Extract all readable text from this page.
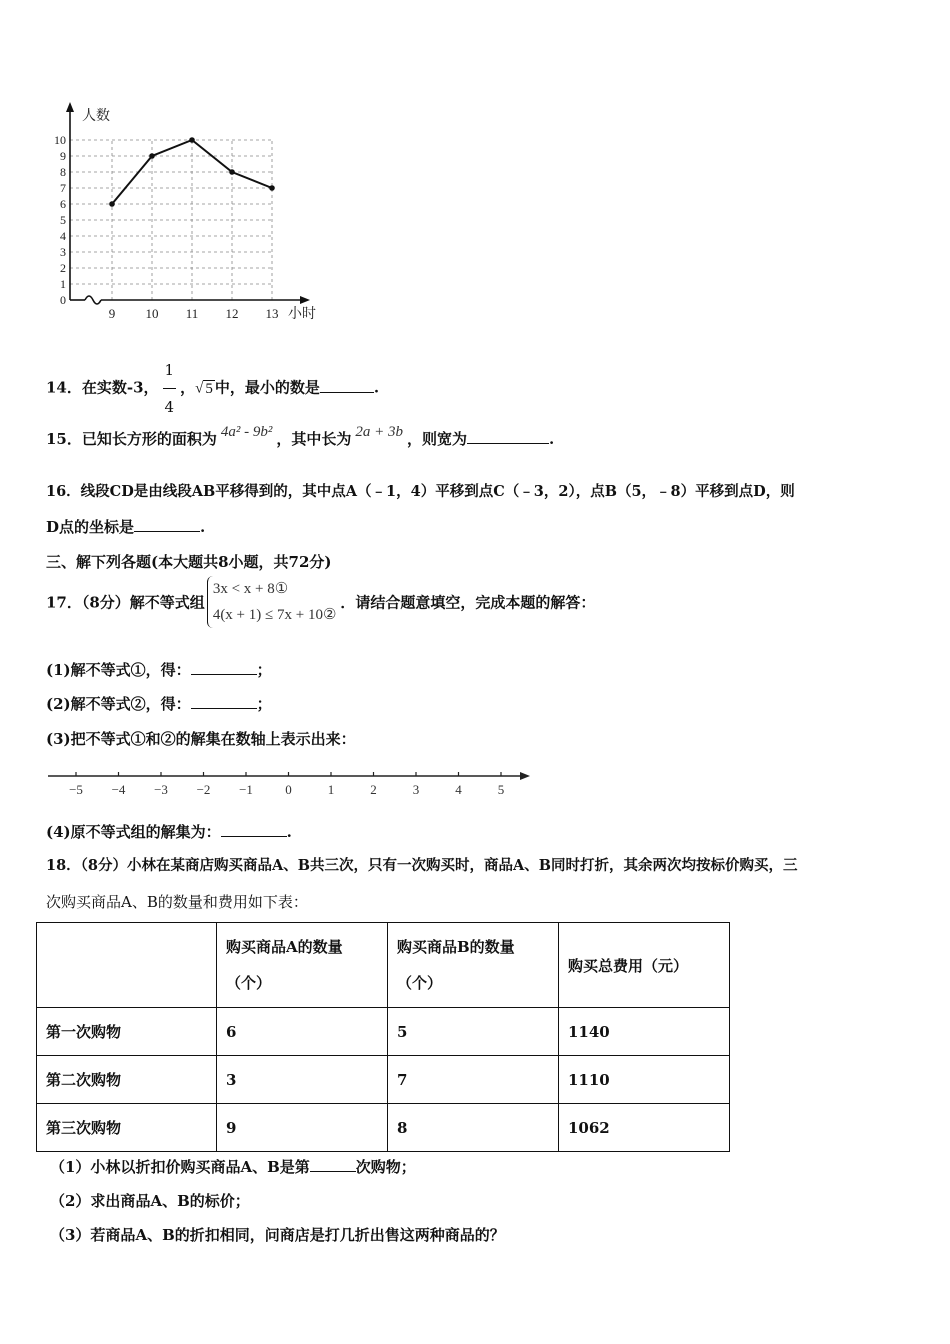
0
1
2
3
4
5
6
7
8
9
10
9 10 11 12 13
人数
小时
14．在实数-3， $\frac{1}{4}$ ，√ 5 中，最小的数是	.
15．已知长方形的面积为 4a² - 9b² ，其中长为 2a + 3b ，则宽为	.
16．线段CD是由线段AB平移得到的，其中点A（﹣1，4）平移到点C（﹣3，2），点B（5，﹣8）平移到点D，则
D点的坐标是	.
三、解下列各题(本大题共8小题，共72分)
17．（8分）解不等式组
3x < x + 8①
4(x + 1) ≤ 7x + 10②
．请结合题意填空，完成本题的解答：
(1)解不等式①，得：	；
(2)解不等式②，得：	；
(3)把不等式①和②的解集在数轴上表示出来：
−5 −4 −3 −2 −1 0	1	2	3	4	5
(4)原不等式组的解集为：	.
18．（8分）小林在某商店购买商品A、B共三次，只有一次购买时，商品A、B同时打折，其余两次均按标价购买，三
次购买商品A、B的数量和费用如下表：
	购买商品A的数量
（个）	购买商品B的数量
（个）	购买总费用（元）
第一次购物	6	5	1140
第二次购物	3	7	1110
第三次购物	9	8	1062
（1）小林以折扣价购买商品A、B是第	次购物；
（2）求出商品A、B的标价；
（3）若商品A、B的折扣相同，问商店是打几折出售这两种商品的？
